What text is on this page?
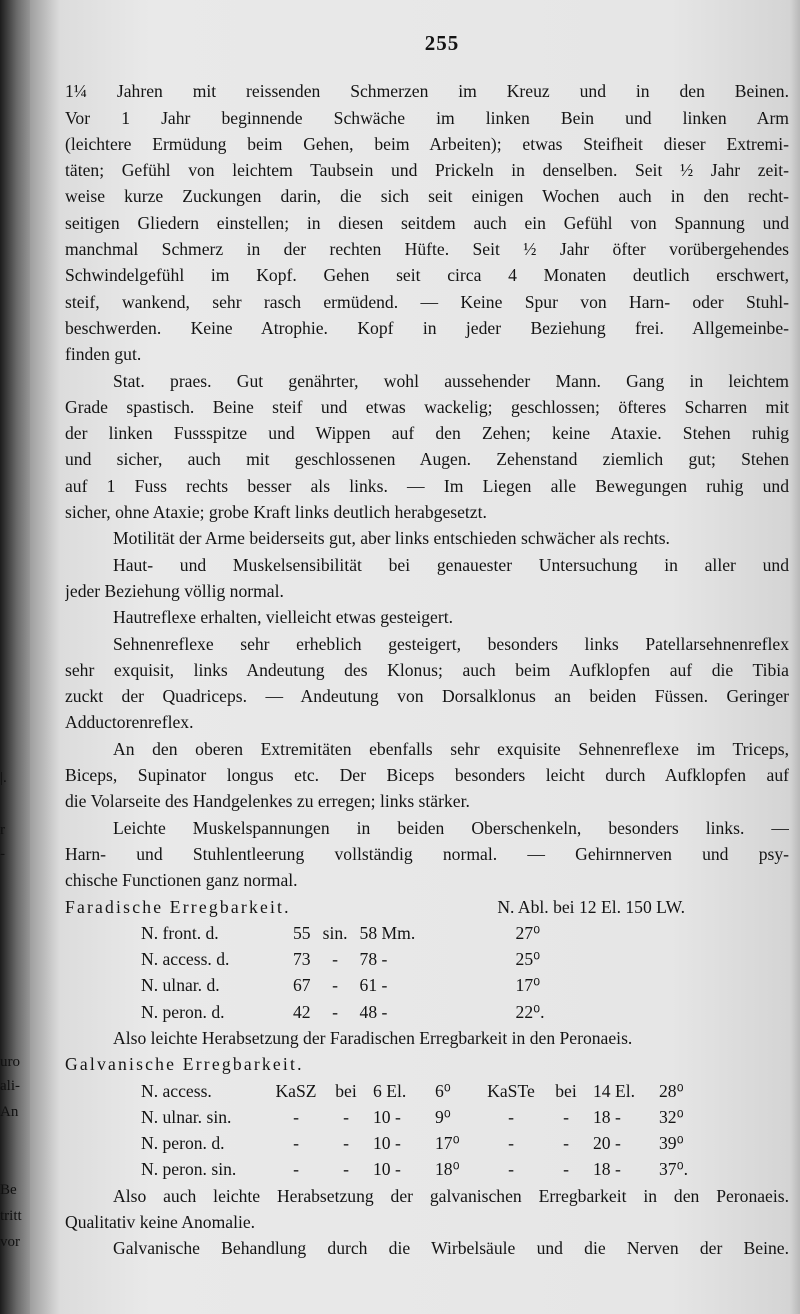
|.
r
-
uro
ali-
An
Be
tritt
vor
255
1¼ Jahren mit reissenden Schmerzen im Kreuz und in den Beinen.
Vor 1 Jahr beginnende Schwäche im linken Bein und linken Arm
(leichtere Ermüdung beim Gehen, beim Arbeiten); etwas Steifheit dieser Extremi-
täten; Gefühl von leichtem Taubsein und Prickeln in denselben. Seit ½ Jahr zeit-
weise kurze Zuckungen darin, die sich seit einigen Wochen auch in den recht-
seitigen Gliedern einstellen; in diesen seitdem auch ein Gefühl von Spannung und
manchmal Schmerz in der rechten Hüfte. Seit ½ Jahr öfter vorübergehendes
Schwindelgefühl im Kopf. Gehen seit circa 4 Monaten deutlich erschwert,
steif, wankend, sehr rasch ermüdend. — Keine Spur von Harn- oder Stuhl-
beschwerden. Keine Atrophie. Kopf in jeder Beziehung frei. Allgemeinbe-
finden gut.
Stat. praes. Gut genährter, wohl aussehender Mann. Gang in leichtem
Grade spastisch. Beine steif und etwas wackelig; geschlossen; öfteres Scharren mit
der linken Fussspitze und Wippen auf den Zehen; keine Ataxie. Stehen ruhig
und sicher, auch mit geschlossenen Augen. Zehenstand ziemlich gut; Stehen
auf 1 Fuss rechts besser als links. — Im Liegen alle Bewegungen ruhig und
sicher, ohne Ataxie; grobe Kraft links deutlich herabgesetzt.
Motilität der Arme beiderseits gut, aber links entschieden schwächer als rechts.
Haut- und Muskelsensibilität bei genauester Untersuchung in aller und
jeder Beziehung völlig normal.
Hautreflexe erhalten, vielleicht etwas gesteigert.
Sehnenreflexe sehr erheblich gesteigert, besonders links Patellarsehnenreflex
sehr exquisit, links Andeutung des Klonus; auch beim Aufklopfen auf die Tibia
zuckt der Quadriceps. — Andeutung von Dorsalklonus an beiden Füssen. Geringer
Adductorenreflex.
An den oberen Extremitäten ebenfalls sehr exquisite Sehnenreflexe im Triceps,
Biceps, Supinator longus etc. Der Biceps besonders leicht durch Aufklopfen auf
die Volarseite des Handgelenkes zu erregen; links stärker.
Leichte Muskelspannungen in beiden Oberschenkeln, besonders links. —
Harn- und Stuhlentleerung vollständig normal. — Gehirnnerven und psy-
chische Functionen ganz normal.
Faradische Erregbarkeit.	N. Abl. bei 12 El. 150 LW.
N. front. d.	55	sin.	58 Mm.	27⁰
N. access. d.	73	-	78 -	25⁰
N. ulnar. d.	67	-	61 -	17⁰
N. peron. d.	42	-	48 -	22⁰.
Also leichte Herabsetzung der Faradischen Erregbarkeit in den Peronaeis.
Galvanische Erregbarkeit.
N. access.	KaSZ	bei	6 El.	6⁰	KaSTe	bei	14 El.	28⁰
N. ulnar. sin.	-	-	10 -	9⁰	-	-	18 -	32⁰
N. peron. d.	-	-	10 -	17⁰	-	-	20 -	39⁰
N. peron. sin.	-	-	10 -	18⁰	-	-	18 -	37⁰.
Also auch leichte Herabsetzung der galvanischen Erregbarkeit in den Peronaeis.
Qualitativ keine Anomalie.
Galvanische Behandlung durch die Wirbelsäule und die Nerven der Beine.
